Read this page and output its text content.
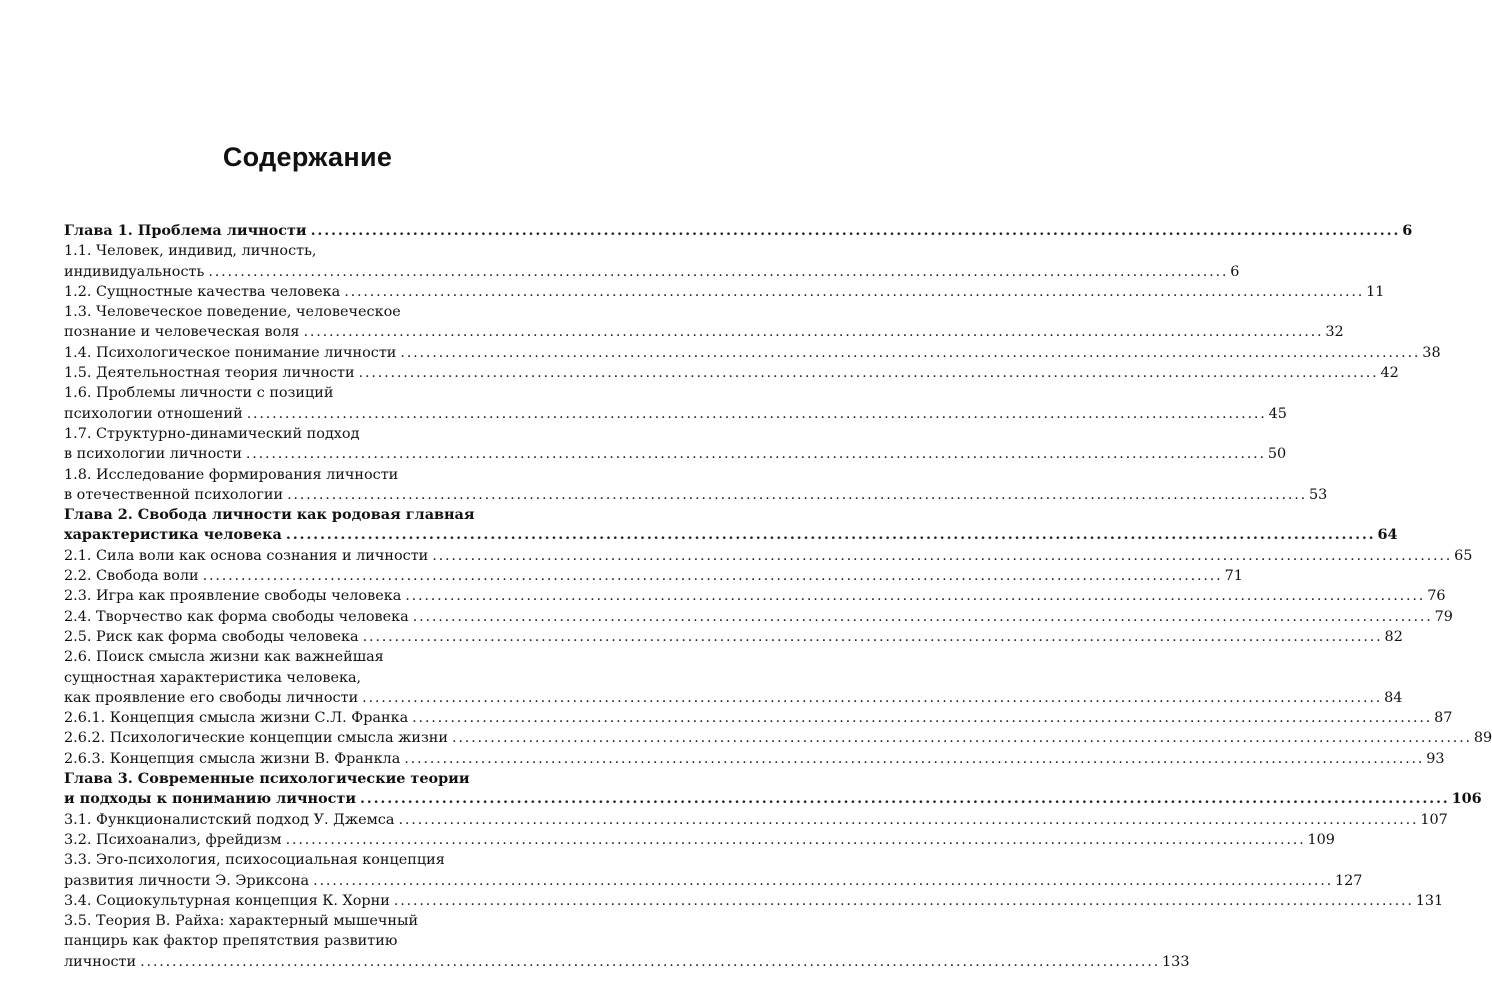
Содержание
Глава 1. Проблема личности ................................................................................................................................................................ 6
1.1. Человек, индивид, личность,
индивидуальность ................................................................................................................................................................ 6
1.2. Сущностные качества человека ................................................................................................................................................................ 11
1.3. Человеческое поведение, человеческое
познание и человеческая воля ................................................................................................................................................................ 32
1.4. Психологическое понимание личности ................................................................................................................................................................ 38
1.5. Деятельностная теория личности ................................................................................................................................................................ 42
1.6. Проблемы личности с позиций
психологии отношений ................................................................................................................................................................ 45
1.7. Структурно-динамический подход
в психологии личности ................................................................................................................................................................ 50
1.8. Исследование формирования личности
в отечественной психологии ................................................................................................................................................................ 53
Глава 2. Свобода личности как родовая главная
характеристика человека ................................................................................................................................................................ 64
2.1. Сила воли как основа сознания и личности ................................................................................................................................................................ 65
2.2. Свобода воли ................................................................................................................................................................ 71
2.3. Игра как проявление свободы человека ................................................................................................................................................................ 76
2.4. Творчество как форма свободы человека ................................................................................................................................................................ 79
2.5. Риск как форма свободы человека ................................................................................................................................................................ 82
2.6. Поиск смысла жизни как важнейшая
сущностная характеристика человека,
как проявление его свободы личности ................................................................................................................................................................ 84
2.6.1. Концепция смысла жизни С.Л. Франка ................................................................................................................................................................ 87
2.6.2. Психологические концепции смысла жизни ................................................................................................................................................................ 89
2.6.3. Концепция смысла жизни В. Франкла ................................................................................................................................................................ 93
Глава 3. Современные психологические теории
и подходы к пониманию личности ................................................................................................................................................................ 106
3.1. Функционалистский подход У. Джемса ................................................................................................................................................................ 107
3.2. Психоанализ, фрейдизм ................................................................................................................................................................ 109
3.3. Эго-психология, психосоциальная концепция
развития личности Э. Эриксона ................................................................................................................................................................ 127
3.4. Социокультурная концепция К. Хорни ................................................................................................................................................................ 131
3.5. Теория В. Райха: характерный мышечный
панцирь как фактор препятствия развитию
личности ................................................................................................................................................................ 133
